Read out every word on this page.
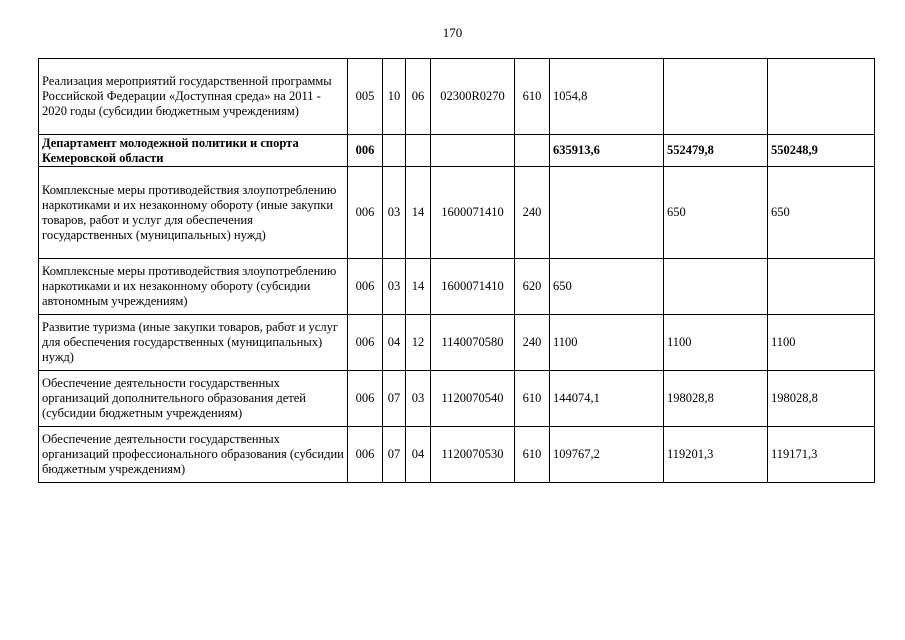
170
Реализация мероприятий государственной программы Российской Федерации «Доступная среда» на 2011 - 2020 годы (субсидии бюджетным учреждениям)	005	10	06	02300R0270	610	1054,8		
Департамент молодежной политики и спорта Кемеровской области	006					635913,6	552479,8	550248,9
Комплексные меры противодействия злоупотреблению наркотиками и их незаконному обороту (иные закупки товаров, работ и услуг для обеспечения государственных (муниципальных) нужд)	006	03	14	1600071410	240		650	650
Комплексные меры противодействия злоупотреблению наркотиками и их незаконному обороту (субсидии автономным учреждениям)	006	03	14	1600071410	620	650		
Развитие туризма (иные закупки товаров, работ и услуг для обеспечения государственных (муниципальных) нужд)	006	04	12	1140070580	240	1100	1100	1100
Обеспечение деятельности государственных организаций дополнительного образования детей (субсидии бюджетным учреждениям)	006	07	03	1120070540	610	144074,1	198028,8	198028,8
Обеспечение деятельности государственных организаций профессионального образования (субсидии бюджетным учреждениям)	006	07	04	1120070530	610	109767,2	119201,3	119171,3
